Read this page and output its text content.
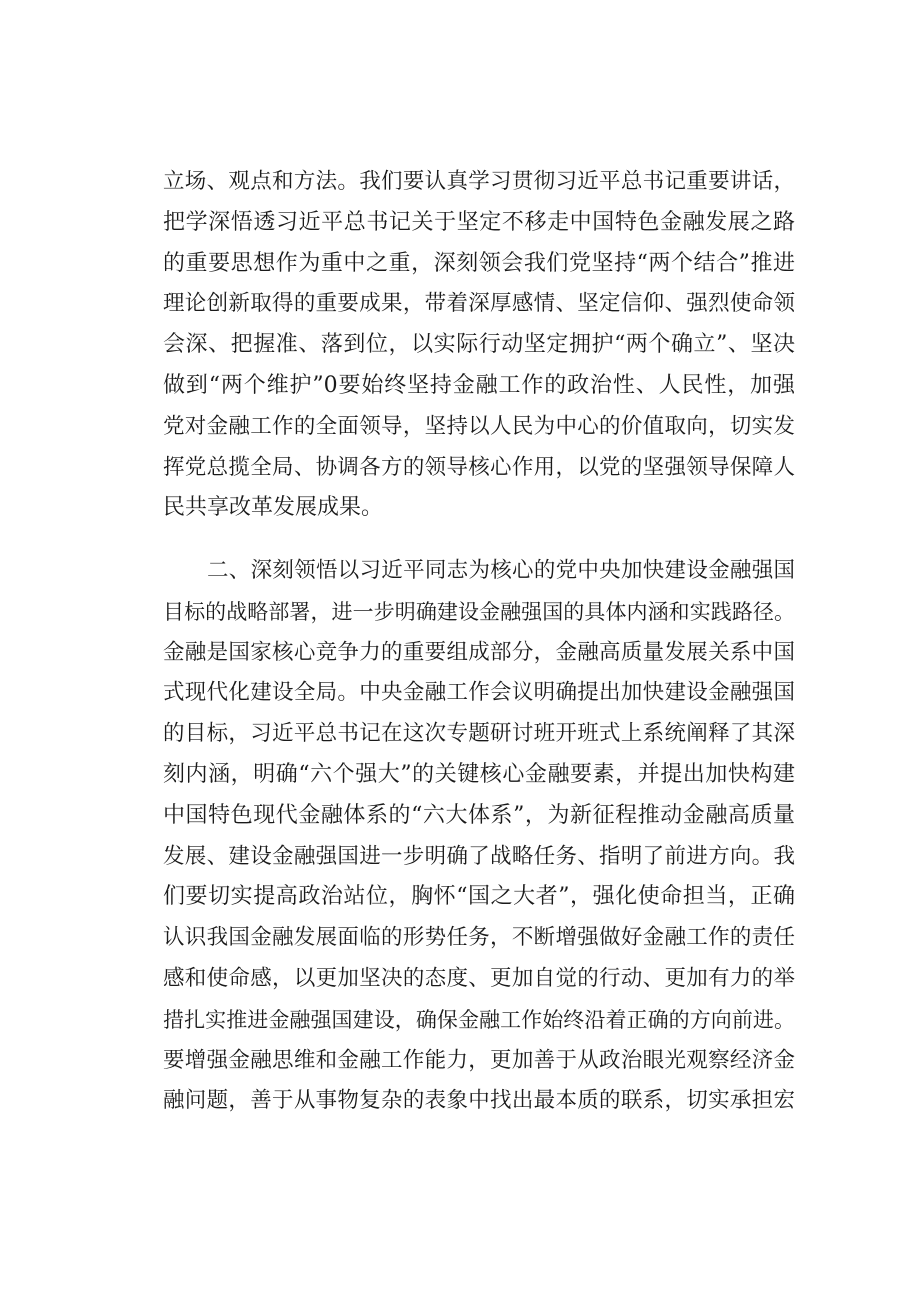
立场、观点和方法。我们要认真学习贯彻习近平总书记重要讲话，
把学深悟透习近平总书记关于坚定不移走中国特色金融发展之路
的重要思想作为重中之重，深刻领会我们党坚持“两个结合”推进
理论创新取得的重要成果，带着深厚感情、坚定信仰、强烈使命领
会深、把握准、落到位，以实际行动坚定拥护“两个确立”、坚决
做到“两个维护”0要始终坚持金融工作的政治性、人民性，加强
党对金融工作的全面领导，坚持以人民为中心的价值取向，切实发
挥党总揽全局、协调各方的领导核心作用，以党的坚强领导保障人
民共享改革发展成果。
二、深刻领悟以习近平同志为核心的党中央加快建设金融强国
目标的战略部署，进一步明确建设金融强国的具体内涵和实践路径。
金融是国家核心竞争力的重要组成部分，金融高质量发展关系中国
式现代化建设全局。中央金融工作会议明确提出加快建设金融强国
的目标，习近平总书记在这次专题研讨班开班式上系统阐释了其深
刻内涵，明确“六个强大”的关键核心金融要素，并提出加快构建
中国特色现代金融体系的“六大体系”，为新征程推动金融高质量
发展、建设金融强国进一步明确了战略任务、指明了前进方向。我
们要切实提高政治站位，胸怀“国之大者”，强化使命担当，正确
认识我国金融发展面临的形势任务，不断增强做好金融工作的责任
感和使命感，以更加坚决的态度、更加自觉的行动、更加有力的举
措扎实推进金融强国建设，确保金融工作始终沿着正确的方向前进。
要增强金融思维和金融工作能力，更加善于从政治眼光观察经济金
融问题，善于从事物复杂的表象中找出最本质的联系，切实承担宏
